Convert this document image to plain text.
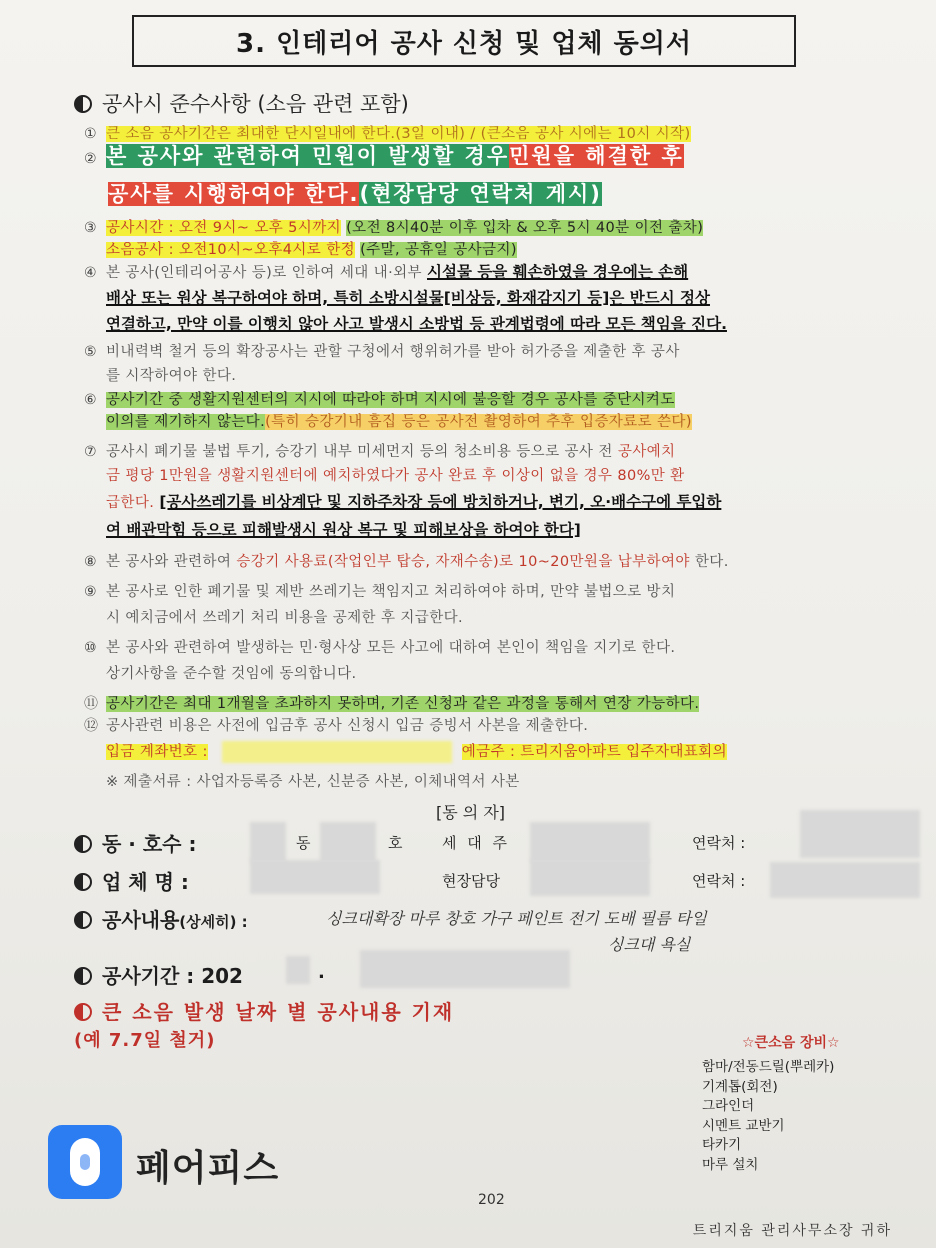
3. 인테리어 공사 신청 및 업체 동의서
공사시 준수사항 (소음 관련 포함)
① 큰 소음 공사기간은 최대한 단시일내에 한다.(3일 이내) / (큰소음 공사 시에는 10시 시작)
② 본 공사와 관련하여 민원이 발생할 경우민원을 해결한 후
공사를 시행하여야 한다.(현장담당 연락처 게시)
③ 공사시간 : 오전 9시~ 오후 5시까지 (오전 8시40분 이후 입차 & 오후 5시 40분 이전 출차)
소음공사 : 오전10시~오후4시로 한정 (주말, 공휴일 공사금지)
④ 본 공사(인테리어공사 등)로 인하여 세대 내·외부 시설물 등을 훼손하였을 경우에는 손해
배상 또는 원상 복구하여야 하며, 특히 소방시설물[비상등, 화재감지기 등]은 반드시 정상
연결하고, 만약 이를 이행치 않아 사고 발생시 소방법 등 관계법령에 따라 모든 책임을 진다.
⑤ 비내력벽 철거 등의 확장공사는 관할 구청에서 행위허가를 받아 허가증을 제출한 후 공사
를 시작하여야 한다.
⑥ 공사기간 중 생활지원센터의 지시에 따라야 하며 지시에 불응할 경우 공사를 중단시켜도
이의를 제기하지 않는다.(특히 승강기내 흠집 등은 공사전 촬영하여 추후 입증자료로 쓴다)
⑦ 공사시 폐기물 불법 투기, 승강기 내부 미세먼지 등의 청소비용 등으로 공사 전 공사예치
금 평당 1만원을 생활지원센터에 예치하였다가 공사 완료 후 이상이 없을 경우 80%만 환
급한다. [공사쓰레기를 비상계단 및 지하주차장 등에 방치하거나, 변기, 오·배수구에 투입하
여 배관막힘 등으로 피해발생시 원상 복구 및 피해보상을 하여야 한다]
⑧ 본 공사와 관련하여 승강기 사용료(작업인부 탑승, 자재수송)로 10~20만원을 납부하여야 한다.
⑨ 본 공사로 인한 폐기물 및 제반 쓰레기는 책임지고 처리하여야 하며, 만약 불법으로 방치
시 예치금에서 쓰레기 처리 비용을 공제한 후 지급한다.
⑩ 본 공사와 관련하여 발생하는 민·형사상 모든 사고에 대하여 본인이 책임을 지기로 한다.
상기사항을 준수할 것임에 동의합니다.
⑪ 공사기간은 최대 1개월을 초과하지 못하며, 기존 신청과 같은 과정을 통해서 연장 가능하다.
⑫ 공사관련 비용은 사전에 입금후 공사 신청시 입금 증빙서 사본을 제출한다.
입금 계좌번호 :	예금주 : 트리지움아파트 입주자대표회의
※ 제출서류 : 사업자등록증 사본, 신분증 사본, 이체내역서 사본
[동 의 자]
동 · 호수 :	동	호	세 대 주	연락처 :
업 체 명 :	현장담당	연락처 :
공사내용(상세히) :	싱크대확장 마루 창호 가구 페인트 전기 도배 필름 타일
싱크대 욕실
공사기간 : 202	.
큰 소음 발생 날짜 별 공사내용 기재
(예 7.7일 철거)	☆큰소음 장비☆
함마/전동드릴(뿌레카)
기계톱(회전)
그라인더
시멘트 교반기
타카기
마루 설치
페어피스
202
트리지움 관리사무소장 귀하
